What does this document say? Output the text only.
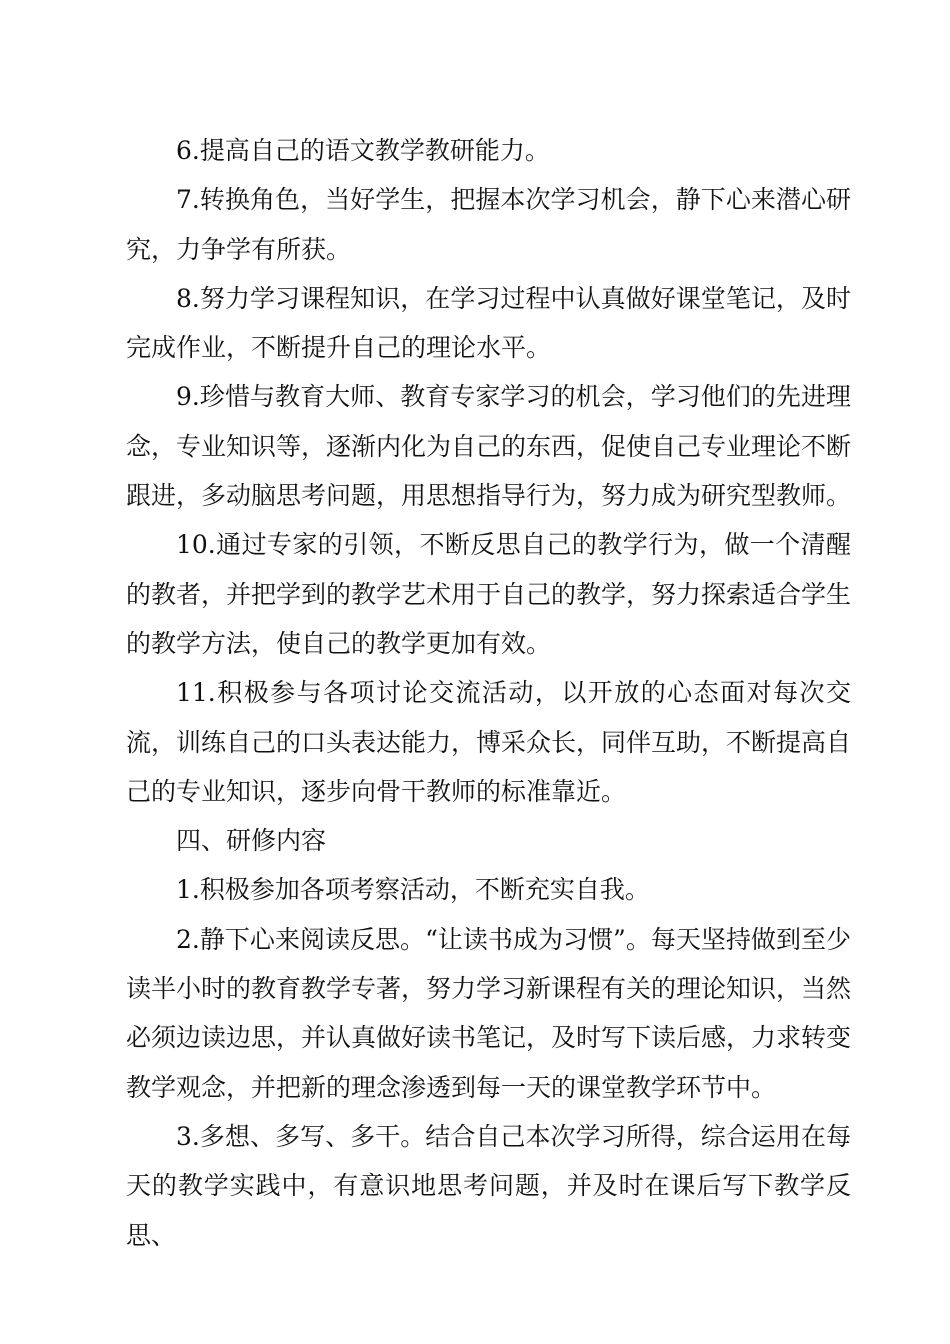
6.提高自己的语文教学教研能力。

7.转换角色，当好学生，把握本次学习机会，静下心来潜心研究，力争学有所获。

8.努力学习课程知识，在学习过程中认真做好课堂笔记，及时完成作业，不断提升自己的理论水平。

9.珍惜与教育大师、教育专家学习的机会，学习他们的先进理念，专业知识等，逐渐内化为自己的东西，促使自己专业理论不断跟进，多动脑思考问题，用思想指导行为，努力成为研究型教师。

10.通过专家的引领，不断反思自己的教学行为，做一个清醒的教者，并把学到的教学艺术用于自己的教学，努力探索适合学生的教学方法，使自己的教学更加有效。

11.积极参与各项讨论交流活动，以开放的心态面对每次交流，训练自己的口头表达能力，博采众长，同伴互助，不断提高自己的专业知识，逐步向骨干教师的标准靠近。

四、研修内容

1.积极参加各项考察活动，不断充实自我。

2.静下心来阅读反思。“让读书成为习惯”。每天坚持做到至少读半小时的教育教学专著，努力学习新课程有关的理论知识，当然必须边读边思，并认真做好读书笔记，及时写下读后感，力求转变教学观念，并把新的理念渗透到每一天的课堂教学环节中。

3.多想、多写、多干。结合自己本次学习所得，综合运用在每天的教学实践中，有意识地思考问题，并及时在课后写下教学反思、
